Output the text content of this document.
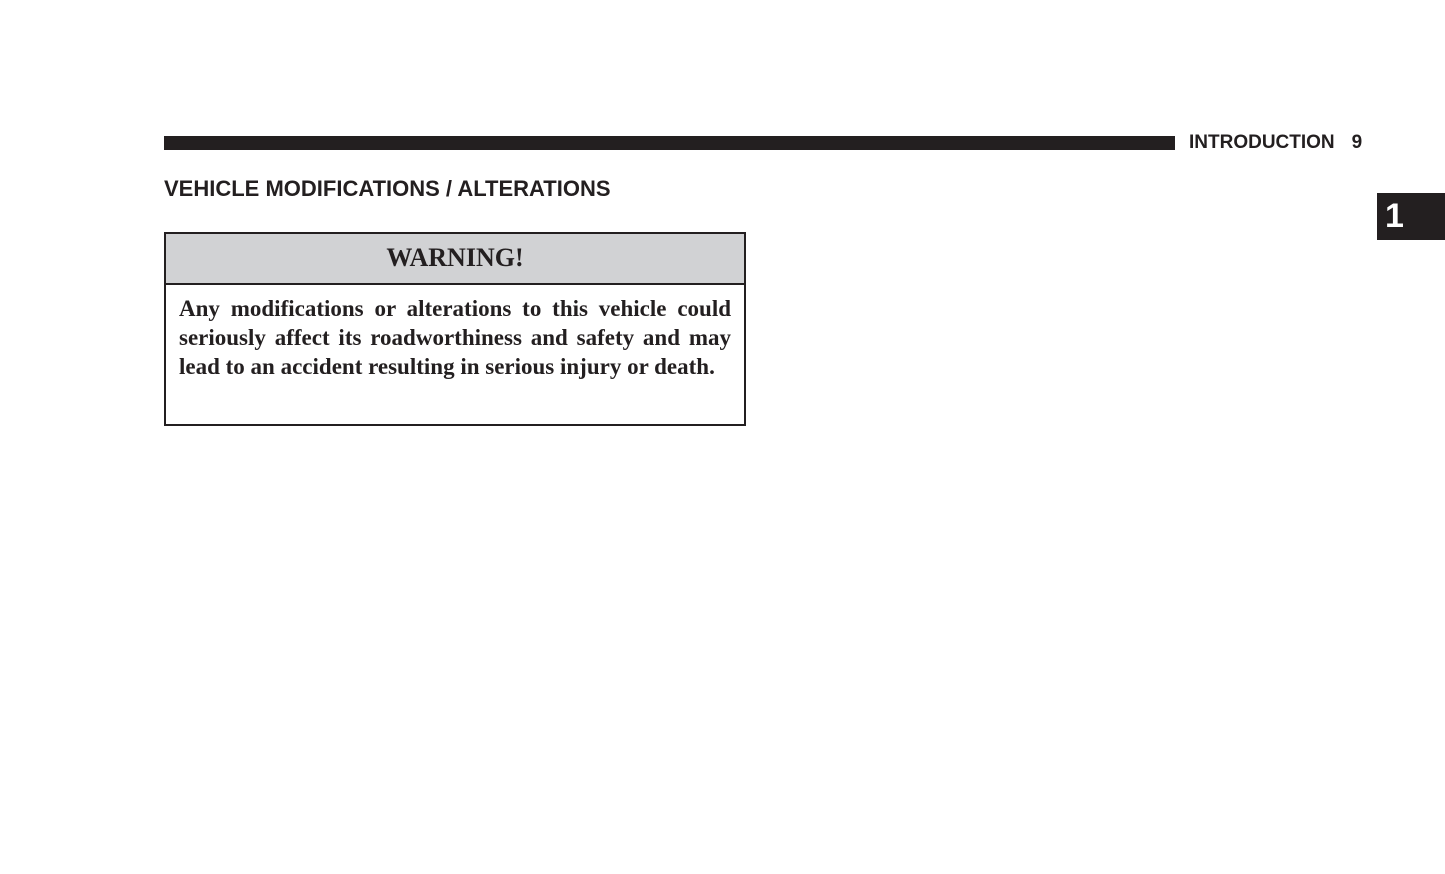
INTRODUCTION 9
1
VEHICLE MODIFICATIONS / ALTERATIONS
WARNING!

Any modifications or alterations to this vehicle could seriously affect its roadworthiness and safety and may lead to an accident resulting in serious injury or death.
